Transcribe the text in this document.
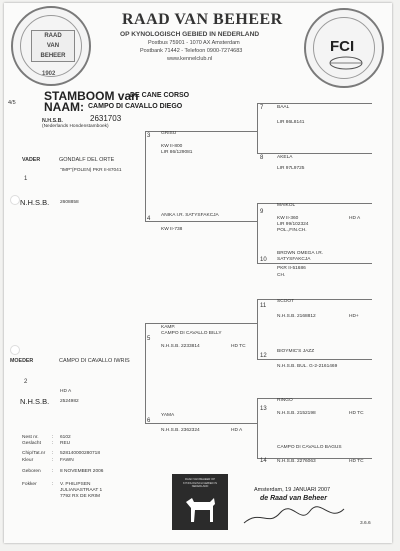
RAAD
VAN
BEHEER
1902
FCI
RAAD VAN BEHEER
OP KYNOLOGISCH GEBIED IN NEDERLAND
Postbus 75901 - 1070 AX Amsterdam
Postbank 71442 - Telefoon 0900-7274683
www.kennelclub.nl
4/5 STAMBOOM van
DE CANE CORSO
NAAM: CAMPO DI CAVALLO DIEGO
N.H.S.B.	2631703
(Nederlands Hondenstamboek)
VADER	GONDALF DEL ORTE
"IMP"(POLEN) PKR II-87041
1
N.H.S.B. 2608858
MOEDER	CAMPO DI CAVALLO IWRIS
2
HD A
N.H.S.B. 2524982
3 GRISU
KW II-800
LIR 86/129081
ANIKA I.R. SATYSFAKCJA
4
KW II-738
KAMP.
CAMPO DI CAVALLO BILLY
5
N.H.S.B. 2233814	HD TC
YAMA
6
N.H.S.B. 2362324	HD A
7	BAAL
LIR 86L8141
8	AKELA
LIR 97L9725
MAIKOL
9
KW II-360	HD A
LIR 99/102324
POL.,FIN.CH.
BROWN OMEGA I.R.
10 SATYSFAKCJA
PKR II-51686
CH.
SCOOT
11
N.H.S.B. 2168812	HD+
BIOYMIC'S JAZZ
12
N.H.S.B. BUL. G-2-2161469
RINGO
13
N.H.S.B. 2152198	HD TC
CAMPO DI CAVALLO BAGUS
14 N.H.S.B. 2276063	HD TC
Nest nr.	: 6102
Geslacht : REU
Chip/Tat.nr : 528140000280718
Kleur	: FAWN
Geboren : 8 NOVEMBER 2006
Fokker	: V. PHILIPSEN
JULIANASTRAAT 1
7792 RX DE KRIM
RAAD VAN BEHEER OP KYNOLOGISCH GEBIED IN NEDERLAND
Amsterdam, 19 JANUARI 2007
de Raad van Beheer
3.6.6
